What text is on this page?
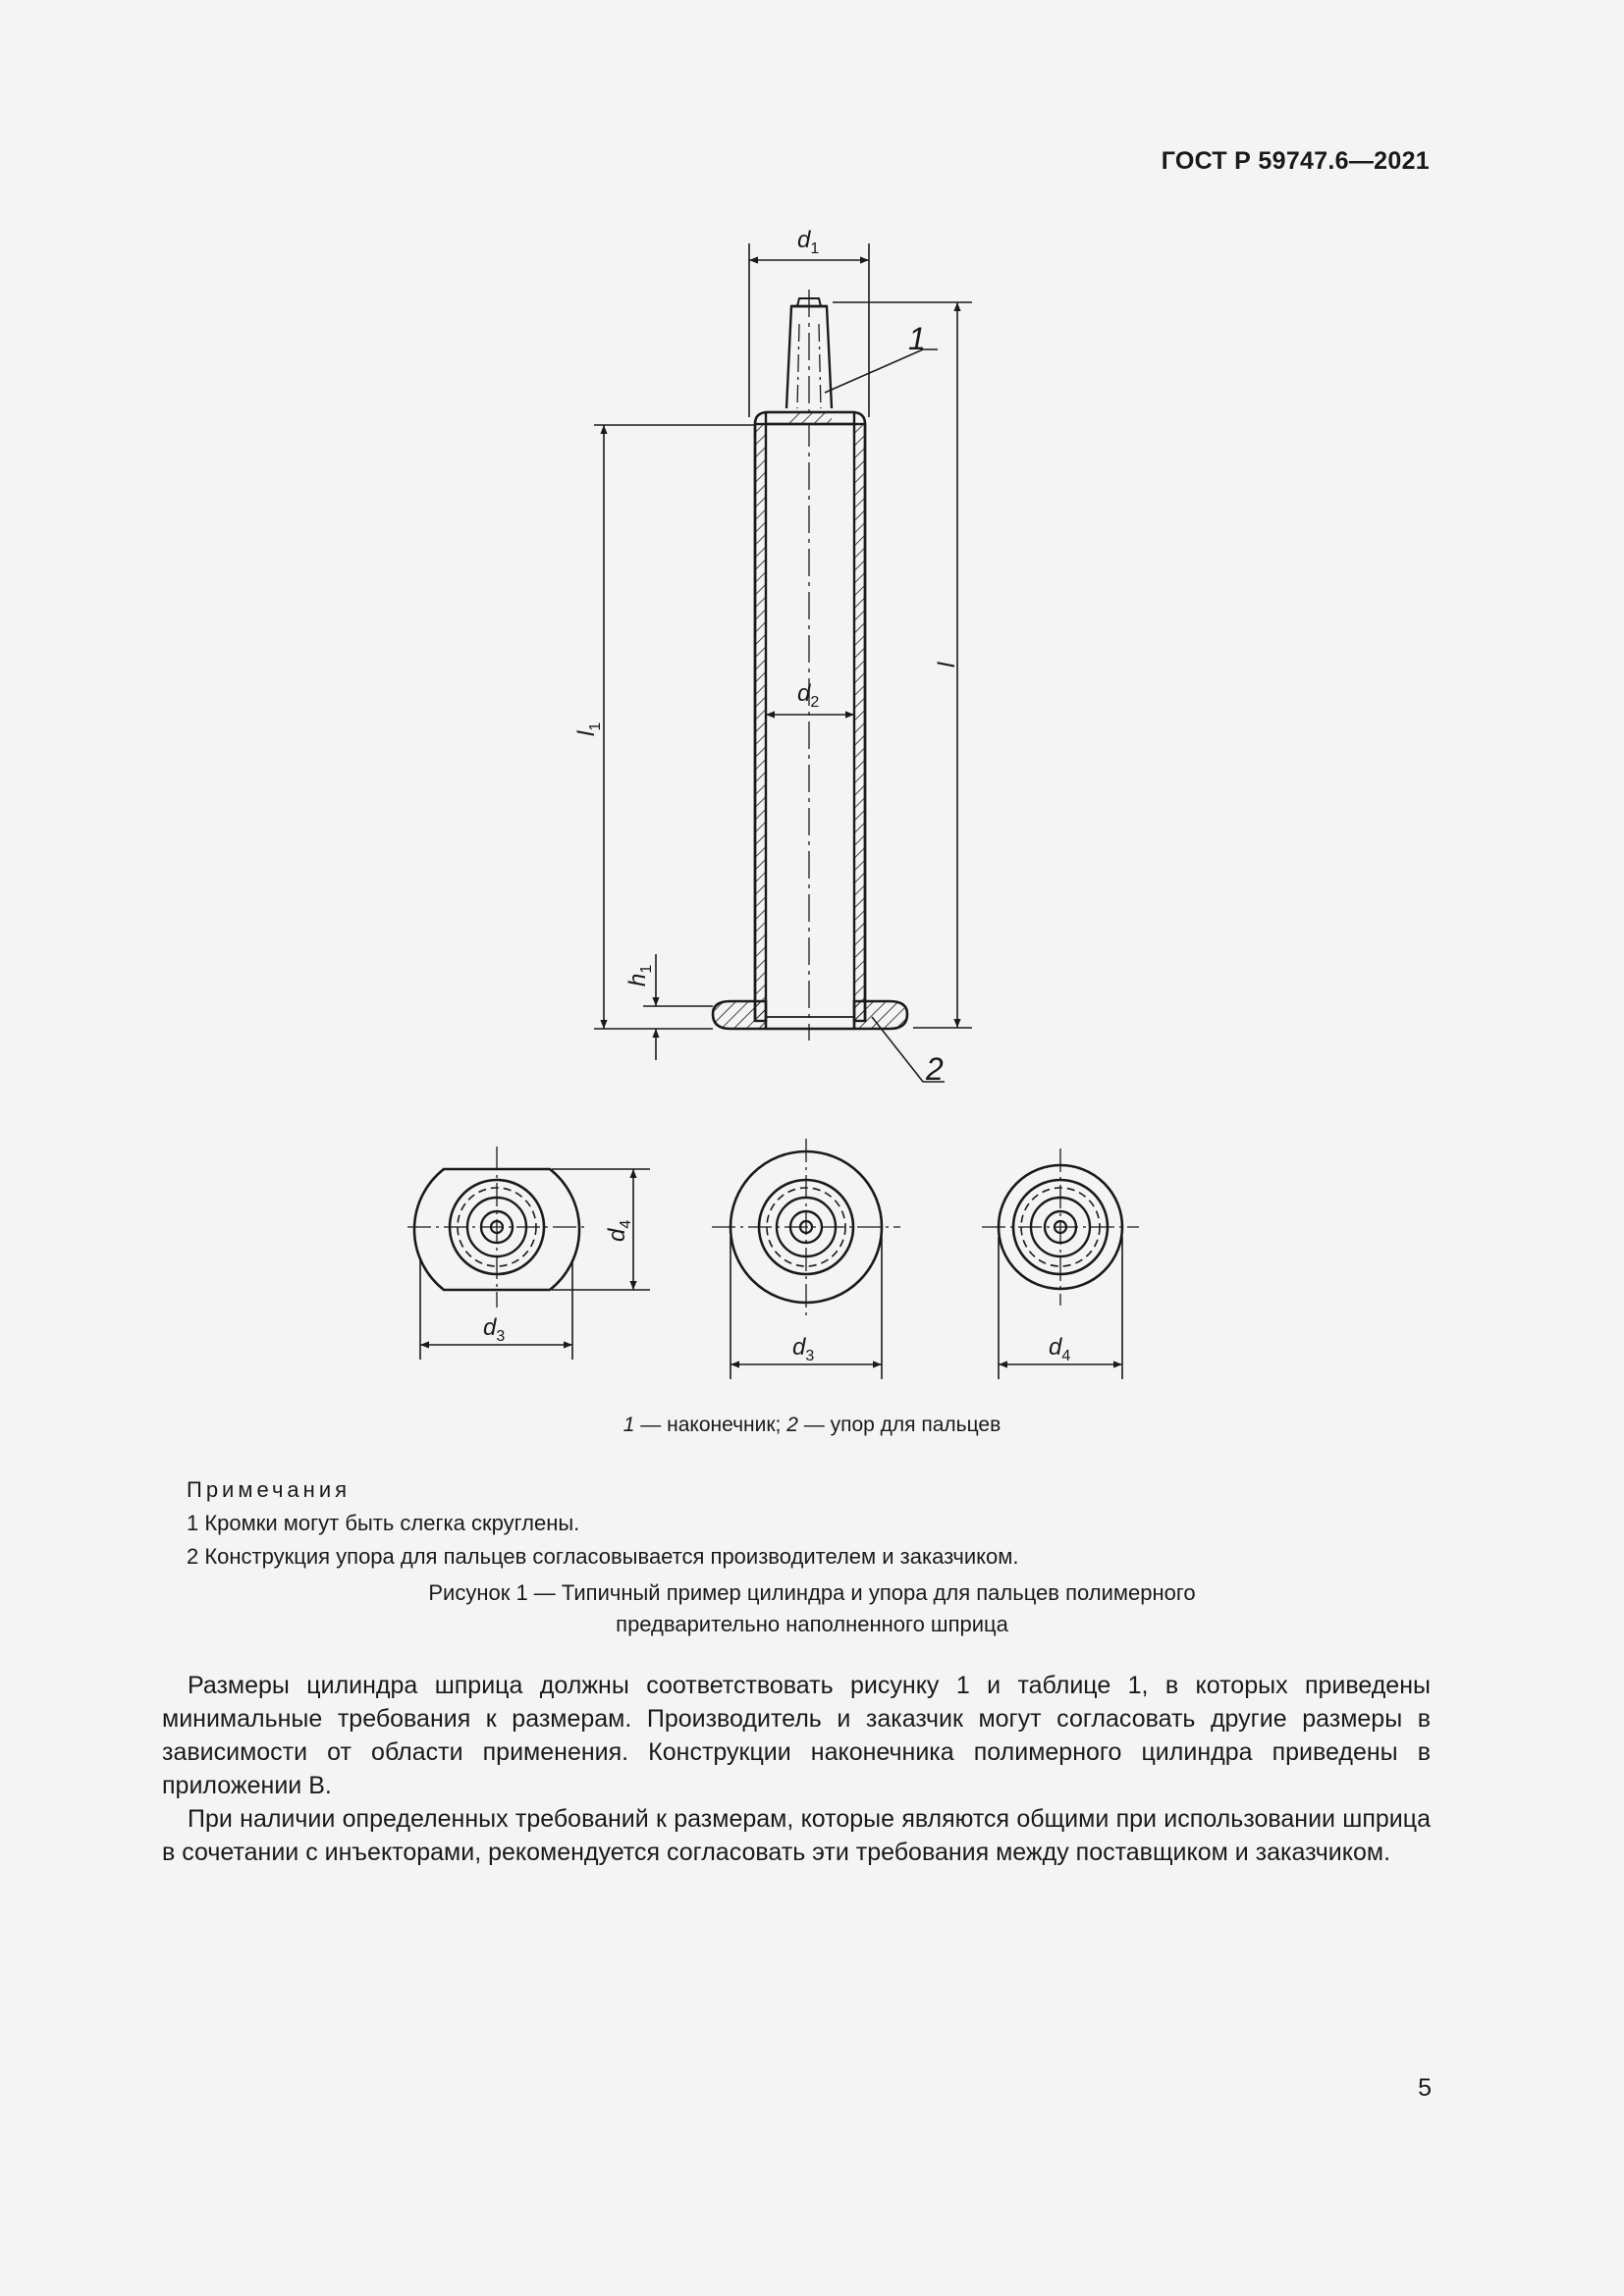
ГОСТ Р 59747.6—2021
$d_1$
$d_2$
l
$l_1$
$h_1$
1
2
$d_3$
$d_4$
$d_3$	$d_4$
1 — наконечник; 2 — упор для пальцев
Примечания
1 Кромки могут быть слегка скруглены.
2 Конструкция упора для пальцев согласовывается производителем и заказчиком.
Рисунок 1 — Типичный пример цилиндра и упора для пальцев полимерного
предварительно наполненного шприца

Размеры цилиндра шприца должны соответствовать рисунку 1 и таблице 1, в которых приведены минимальные требования к размерам. Производитель и заказчик могут согласовать другие размеры в зависимости от области применения. Конструкции наконечника полимерного цилиндра приведены в приложении В.

При наличии определенных требований к размерам, которые являются общими при использовании шприца в сочетании с инъекторами, рекомендуется согласовать эти требования между поставщиком и заказчиком.

5
